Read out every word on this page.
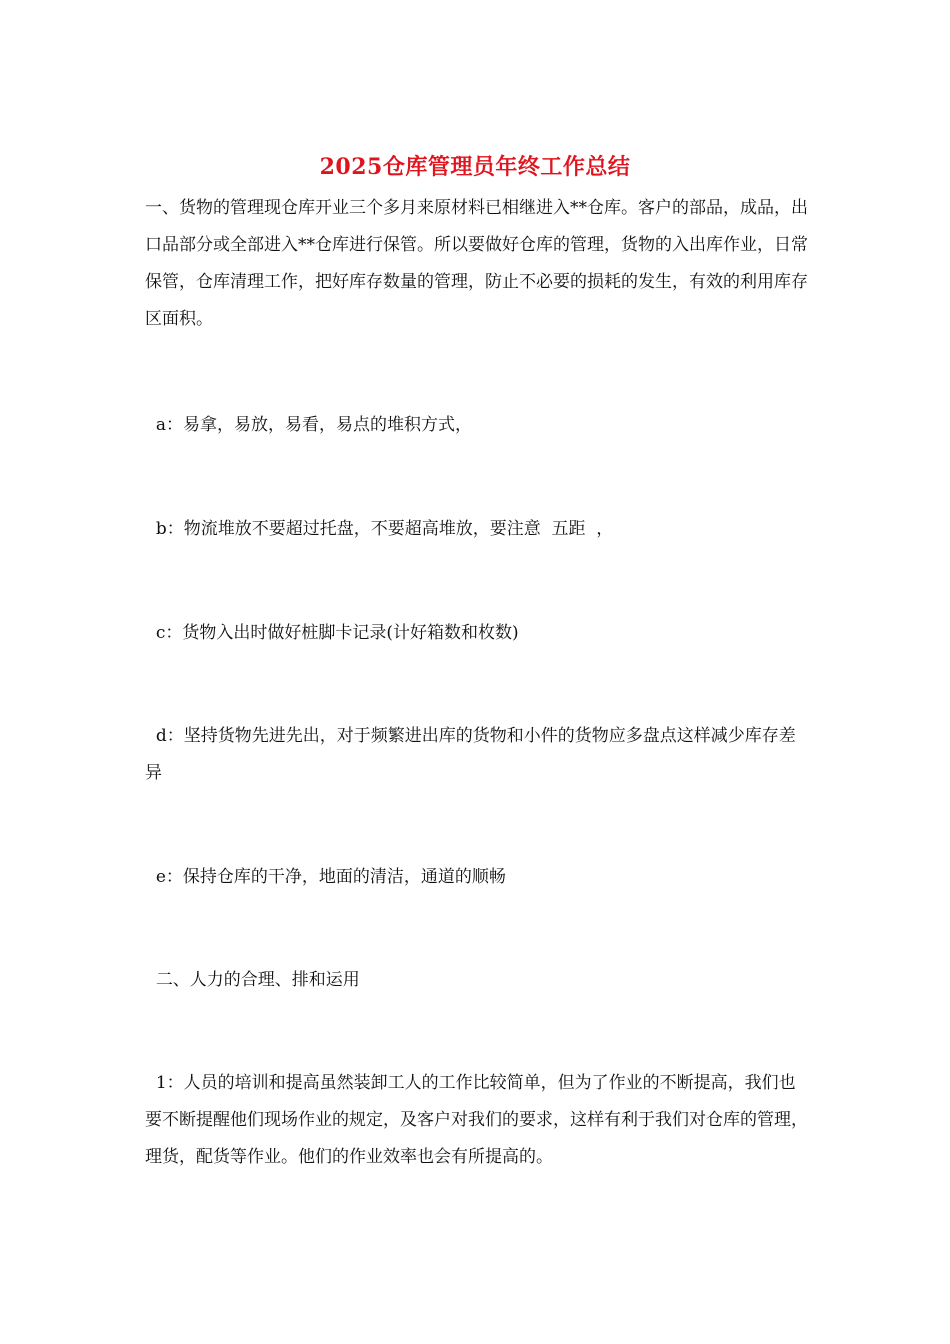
2025仓库管理员年终工作总结

一、货物的管理现仓库开业三个多月来原材料已相继进入**仓库。客户的部品，成品，出口品部分或全部进入**仓库进行保管。所以要做好仓库的管理，货物的入出库作业，日常保管，仓库清理工作，把好库存数量的管理，防止不必要的损耗的发生，有效的利用库存区面积。

a：易拿，易放，易看，易点的堆积方式，

b：物流堆放不要超过托盘，不要超高堆放，要注意  五距  ，

c：货物入出时做好桩脚卡记录(计好箱数和枚数)

d：坚持货物先进先出，对于频繁进出库的货物和小件的货物应多盘点这样减少库存差异

e：保持仓库的干净，地面的清洁，通道的顺畅

二、人力的合理、排和运用

1：人员的培训和提高虽然装卸工人的工作比较简单，但为了作业的不断提高，我们也要不断提醒他们现场作业的规定，及客户对我们的要求，这样有利于我们对仓库的管理，理货，配货等作业。他们的作业效率也会有所提高的。
